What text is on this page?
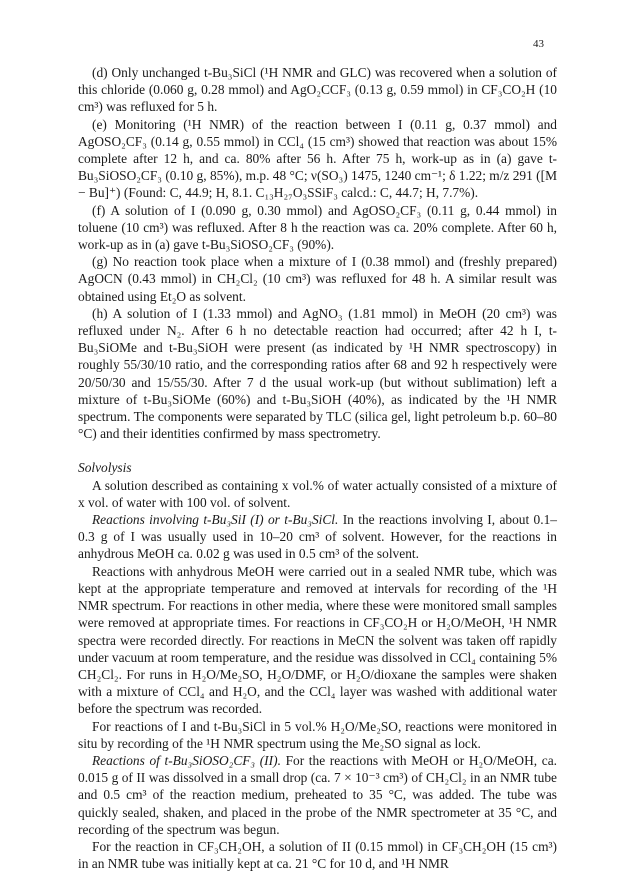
43

(d) Only unchanged t-Bu₃SiCl (¹H NMR and GLC) was recovered when a solution of this chloride (0.060 g, 0.28 mmol) and AgO₂CCF₃ (0.13 g, 0.59 mmol) in CF₃CO₂H (10 cm³) was refluxed for 5 h.

(e) Monitoring (¹H NMR) of the reaction between I (0.11 g, 0.37 mmol) and AgOSO₂CF₃ (0.14 g, 0.55 mmol) in CCl₄ (15 cm³) showed that reaction was about 15% complete after 12 h, and ca. 80% after 56 h. After 75 h, work-up as in (a) gave t-Bu₃SiOSO₂CF₃ (0.10 g, 85%), m.p. 48 °C; ν(SO₃) 1475, 1240 cm⁻¹; δ 1.22; m/z 291 ([M − Bu]⁺) (Found: C, 44.9; H, 8.1. C₁₃H₂₇O₃SSiF₃ calcd.: C, 44.7; H, 7.7%).

(f) A solution of I (0.090 g, 0.30 mmol) and AgOSO₂CF₃ (0.11 g, 0.44 mmol) in toluene (10 cm³) was refluxed. After 8 h the reaction was ca. 20% complete. After 60 h, work-up as in (a) gave t-Bu₃SiOSO₂CF₃ (90%).

(g) No reaction took place when a mixture of I (0.38 mmol) and (freshly prepared) AgOCN (0.43 mmol) in CH₂Cl₂ (10 cm³) was refluxed for 48 h. A similar result was obtained using Et₂O as solvent.

(h) A solution of I (1.33 mmol) and AgNO₃ (1.81 mmol) in MeOH (20 cm³) was refluxed under N₂. After 6 h no detectable reaction had occurred; after 42 h I, t-Bu₃SiOMe and t-Bu₃SiOH were present (as indicated by ¹H NMR spectroscopy) in roughly 55/30/10 ratio, and the corresponding ratios after 68 and 92 h respectively were 20/50/30 and 15/55/30. After 7 d the usual work-up (but without sublimation) left a mixture of t-Bu₃SiOMe (60%) and t-Bu₃SiOH (40%), as indicated by the ¹H NMR spectrum. The components were separated by TLC (silica gel, light petroleum b.p. 60–80 °C) and their identities confirmed by mass spectrometry.

Solvolysis

A solution described as containing x vol.% of water actually consisted of a mixture of x vol. of water with 100 vol. of solvent.

Reactions involving t-Bu₃SiI (I) or t-Bu₃SiCl. In the reactions involving I, about 0.1–0.3 g of I was usually used in 10–20 cm³ of solvent. However, for the reactions in anhydrous MeOH ca. 0.02 g was used in 0.5 cm³ of the solvent.

Reactions with anhydrous MeOH were carried out in a sealed NMR tube, which was kept at the appropriate temperature and removed at intervals for recording of the ¹H NMR spectrum. For reactions in other media, where these were monitored small samples were removed at appropriate times. For reactions in CF₃CO₂H or H₂O/MeOH, ¹H NMR spectra were recorded directly. For reactions in MeCN the solvent was taken off rapidly under vacuum at room temperature, and the residue was dissolved in CCl₄ containing 5% CH₂Cl₂. For runs in H₂O/Me₂SO, H₂O/DMF, or H₂O/dioxane the samples were shaken with a mixture of CCl₄ and H₂O, and the CCl₄ layer was washed with additional water before the spectrum was recorded.

For reactions of I and t-Bu₃SiCl in 5 vol.% H₂O/Me₂SO, reactions were monitored in situ by recording of the ¹H NMR spectrum using the Me₂SO signal as lock.

Reactions of t-Bu₃SiOSO₂CF₃ (II). For the reactions with MeOH or H₂O/MeOH, ca. 0.015 g of II was dissolved in a small drop (ca. 7 × 10⁻³ cm³) of CH₂Cl₂ in an NMR tube and 0.5 cm³ of the reaction medium, preheated to 35 °C, was added. The tube was quickly sealed, shaken, and placed in the probe of the NMR spectrometer at 35 °C, and recording of the spectrum was begun.

For the reaction in CF₃CH₂OH, a solution of II (0.15 mmol) in CF₃CH₂OH (15 cm³) in an NMR tube was initially kept at ca. 21 °C for 10 d, and ¹H NMR
